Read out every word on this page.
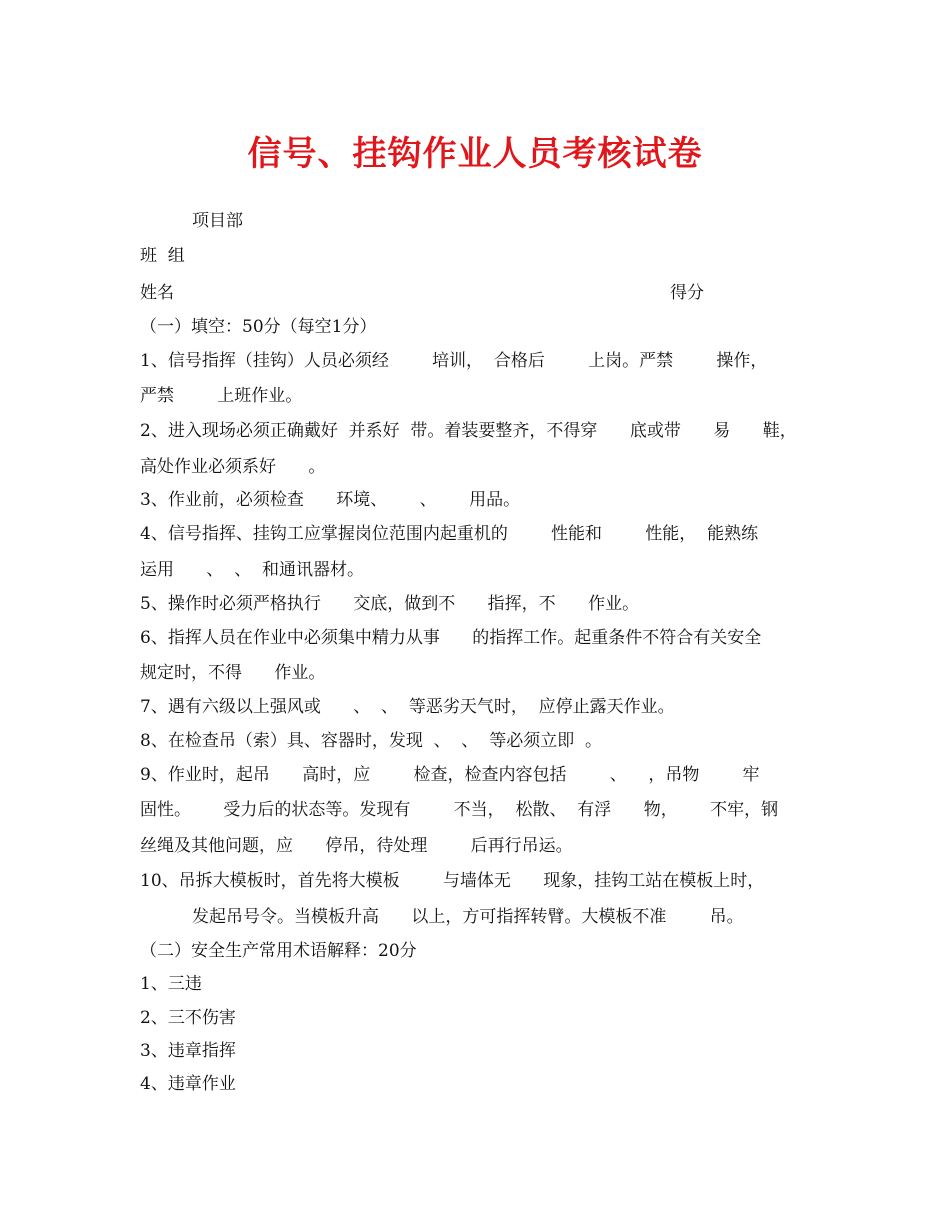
信号、挂钩作业人员考核试卷
项目部
班  组
姓名	得分
（一）填空：50分（每空1分）
1、信号指挥（挂钩）人员必须经        培训，  合格后        上岗。严禁        操作，
严禁        上班作业。
2、进入现场必须正确戴好  并系好  带。着装要整齐，不得穿      底或带      易      鞋，
高处作业必须系好      。
3、作业前，必须检查      环境、      、      用品。
4、信号指挥、挂钩工应掌握岗位范围内起重机的        性能和        性能，  能熟练
运用      、  、  和通讯器材。
5、操作时必须严格执行      交底，做到不      指挥，不      作业。
6、指挥人员在作业中必须集中精力从事      的指挥工作。起重条件不符合有关安全
规定时，不得      作业。
7、遇有六级以上强风或      、  、  等恶劣天气时，  应停止露天作业。
8、在检查吊（索）具、容器时，发现  、  、  等必须立即  。
9、作业时，起吊      高时，应        检查，检查内容包括        、    ，吊物        牢
固性。      受力后的状态等。发现有        不当，  松散、  有浮      物，      不牢，钢
丝绳及其他问题，应      停吊，待处理        后再行吊运。
10、吊拆大模板时，首先将大模板        与墙体无      现象，挂钩工站在模板上时，
发起吊号令。当模板升高      以上，方可指挥转臂。大模板不准        吊。
（二）安全生产常用术语解释：20分
1、三违
2、三不伤害
3、违章指挥
4、违章作业
